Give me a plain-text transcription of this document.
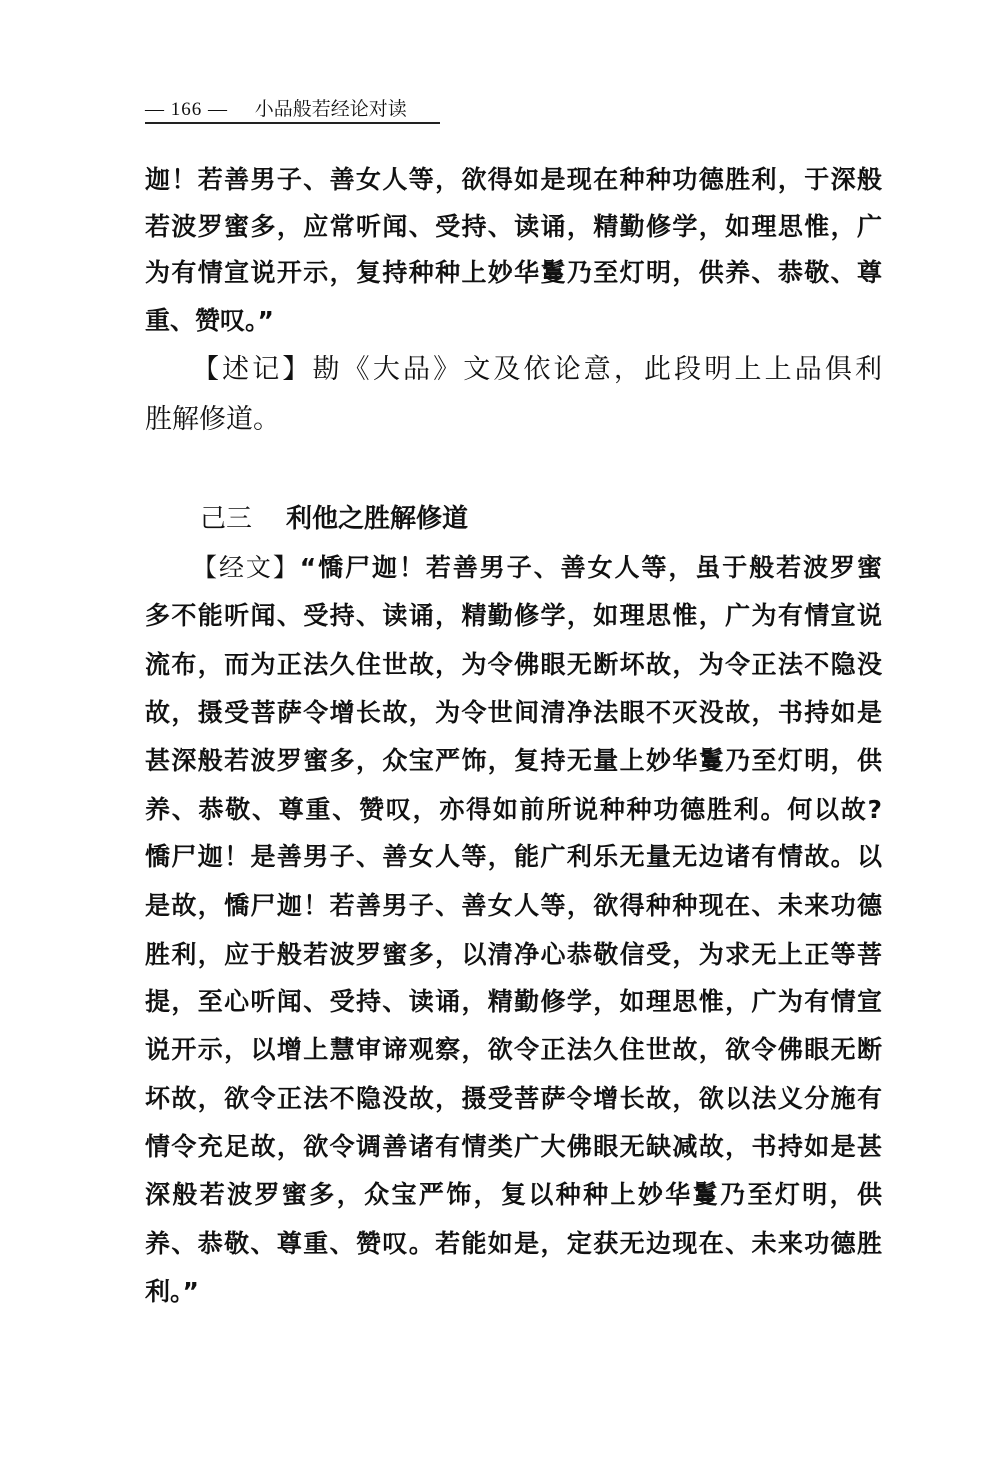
— 166 — 小品般若经论对读
迦！若善男子、善女人等，欲得如是现在种种功德胜利，于深般
若波罗蜜多，应常听闻、受持、读诵，精勤修学，如理思惟，广
为有情宣说开示，复持种种上妙华鬘乃至灯明，供养、恭敬、尊
重、赞叹。”
【述记】勘《大品》文及依论意，此段明上上品俱利
胜解修道。
己三 利他之胜解修道
【经文】“憍尸迦！若善男子、善女人等，虽于般若波罗蜜
多不能听闻、受持、读诵，精勤修学，如理思惟，广为有情宣说
流布，而为正法久住世故，为令佛眼无断坏故，为令正法不隐没
故，摄受菩萨令增长故，为令世间清净法眼不灭没故，书持如是
甚深般若波罗蜜多，众宝严饰，复持无量上妙华鬘乃至灯明，供
养、恭敬、尊重、赞叹，亦得如前所说种种功德胜利。何以故?
憍尸迦！是善男子、善女人等，能广利乐无量无边诸有情故。以
是故，憍尸迦！若善男子、善女人等，欲得种种现在、未来功德
胜利，应于般若波罗蜜多，以清净心恭敬信受，为求无上正等菩
提，至心听闻、受持、读诵，精勤修学，如理思惟，广为有情宣
说开示，以增上慧审谛观察，欲令正法久住世故，欲令佛眼无断
坏故，欲令正法不隐没故，摄受菩萨令增长故，欲以法义分施有
情令充足故，欲令调善诸有情类广大佛眼无缺减故，书持如是甚
深般若波罗蜜多，众宝严饰，复以种种上妙华鬘乃至灯明，供
养、恭敬、尊重、赞叹。若能如是，定获无边现在、未来功德胜
利。”
